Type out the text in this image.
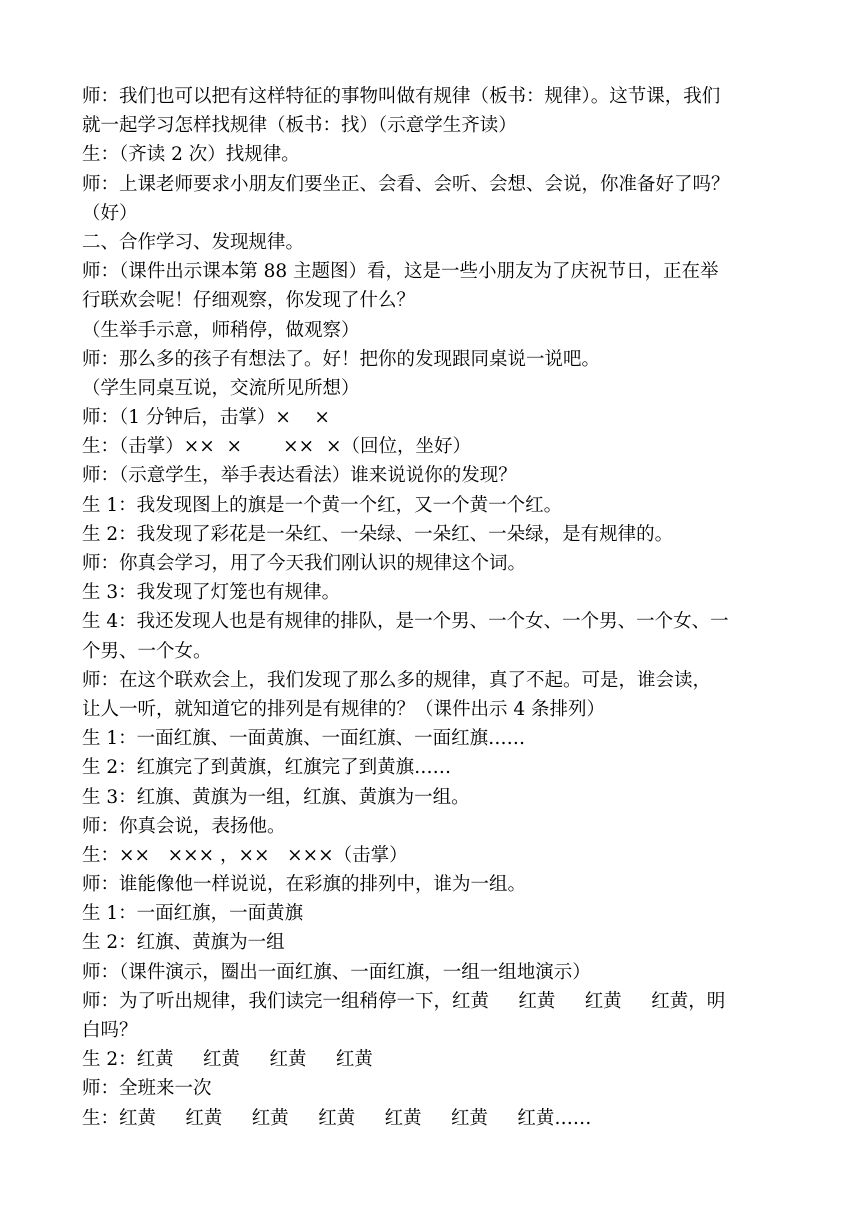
师：我们也可以把有这样特征的事物叫做有规律（板书：规律）。这节课，我们
就一起学习怎样找规律（板书：找）（示意学生齐读）
生：（齐读 2 次）找规律。
师：上课老师要求小朋友们要坐正、会看、会听、会想、会说，你准备好了吗？
（好）
二、合作学习、发现规律。
师：（课件出示课本第 88 主题图）看，这是一些小朋友为了庆祝节日，正在举
行联欢会呢！仔细观察，你发现了什么？
（生举手示意，师稍停，做观察）
师：那么多的孩子有想法了。好！把你的发现跟同桌说一说吧。
（学生同桌互说，交流所见所想）
师：（1 分钟后，击掌）×    ×
生：（击掌）××  ×       ××  ×（回位，坐好）
师：（示意学生，举手表达看法）谁来说说你的发现？
生 1：我发现图上的旗是一个黄一个红，又一个黄一个红。
生 2：我发现了彩花是一朵红、一朵绿、一朵红、一朵绿，是有规律的。
师：你真会学习，用了今天我们刚认识的规律这个词。
生 3：我发现了灯笼也有规律。
生 4：我还发现人也是有规律的排队，是一个男、一个女、一个男、一个女、一
个男、一个女。
师：在这个联欢会上，我们发现了那么多的规律，真了不起。可是，谁会读，
让人一听，就知道它的排列是有规律的？（课件出示 4 条排列）
生 1：一面红旗、一面黄旗、一面红旗、一面红旗……
生 2：红旗完了到黄旗，红旗完了到黄旗……
生 3：红旗、黄旗为一组，红旗、黄旗为一组。
师：你真会说，表扬他。
生：××   ××× ，××   ×××（击掌）
师：谁能像他一样说说，在彩旗的排列中，谁为一组。
生 1：一面红旗，一面黄旗
生 2：红旗、黄旗为一组
师：（课件演示，圈出一面红旗、一面红旗，一组一组地演示）
师：为了听出规律，我们读完一组稍停一下，红黄     红黄     红黄     红黄，明
白吗？
生 2：红黄     红黄     红黄     红黄
师：全班来一次
生：红黄     红黄     红黄     红黄     红黄     红黄     红黄……
